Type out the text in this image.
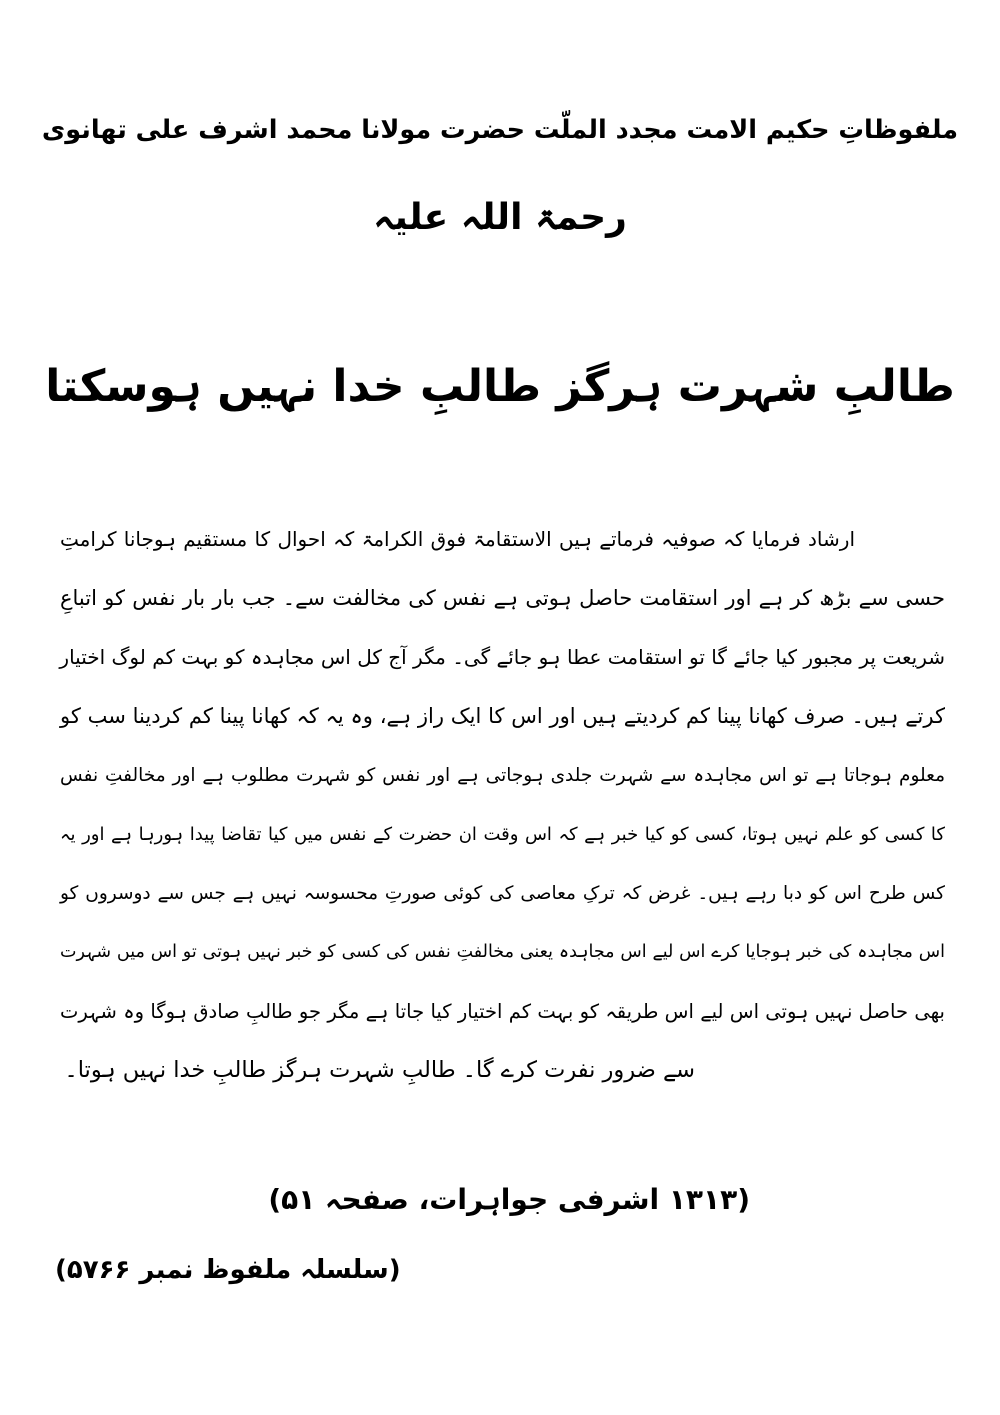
ملفوظاتِ حکیم الامت مجدد الملّت حضرت مولانا محمد اشرف علی تھانوی
رحمۃ اللہ علیہ
طالبِ شہرت ہرگز طالبِ خدا نہیں ہوسکتا
ارشاد فرمایا کہ صوفیہ فرماتے ہیں الاستقامۃ فوق الکرامۃ کہ احوال کا مستقیم ہوجانا کرامتِ
حسی سے بڑھ کر ہے اور استقامت حاصل ہوتی ہے نفس کی مخالفت سے۔ جب بار بار نفس کو اتباعِ
شریعت پر مجبور کیا جائے گا تو استقامت عطا ہو جائے گی۔ مگر آج کل اس مجاہدہ کو بہت کم لوگ اختیار
کرتے ہیں۔ صرف کھانا پینا کم کردیتے ہیں اور اس کا ایک راز ہے، وہ یہ کہ کھانا پینا کم کردینا سب کو
معلوم ہوجاتا ہے تو اس مجاہدہ سے شہرت جلدی ہوجاتی ہے اور نفس کو شہرت مطلوب ہے اور مخالفتِ نفس
کا کسی کو علم نہیں ہوتا، کسی کو کیا خبر ہے کہ اس وقت ان حضرت کے نفس میں کیا تقاضا پیدا ہورہا ہے اور یہ
کس طرح اس کو دبا رہے ہیں۔ غرض کہ ترکِ معاصی کی کوئی صورتِ محسوسہ نہیں ہے جس سے دوسروں کو
اس مجاہدہ کی خبر ہوجایا کرے اس لیے اس مجاہدہ یعنی مخالفتِ نفس کی کسی کو خبر نہیں ہوتی تو اس میں شہرت
بھی حاصل نہیں ہوتی اس لیے اس طریقہ کو بہت کم اختیار کیا جاتا ہے مگر جو طالبِ صادق ہوگا وہ شہرت
سے ضرور نفرت کرے گا۔ طالبِ شہرت ہرگز طالبِ خدا نہیں ہوتا۔
(۱۳۱۳ اشرفی جواہرات، صفحہ ۵۱)
(سلسلہ ملفوظ نمبر ۵۷۶۶)
